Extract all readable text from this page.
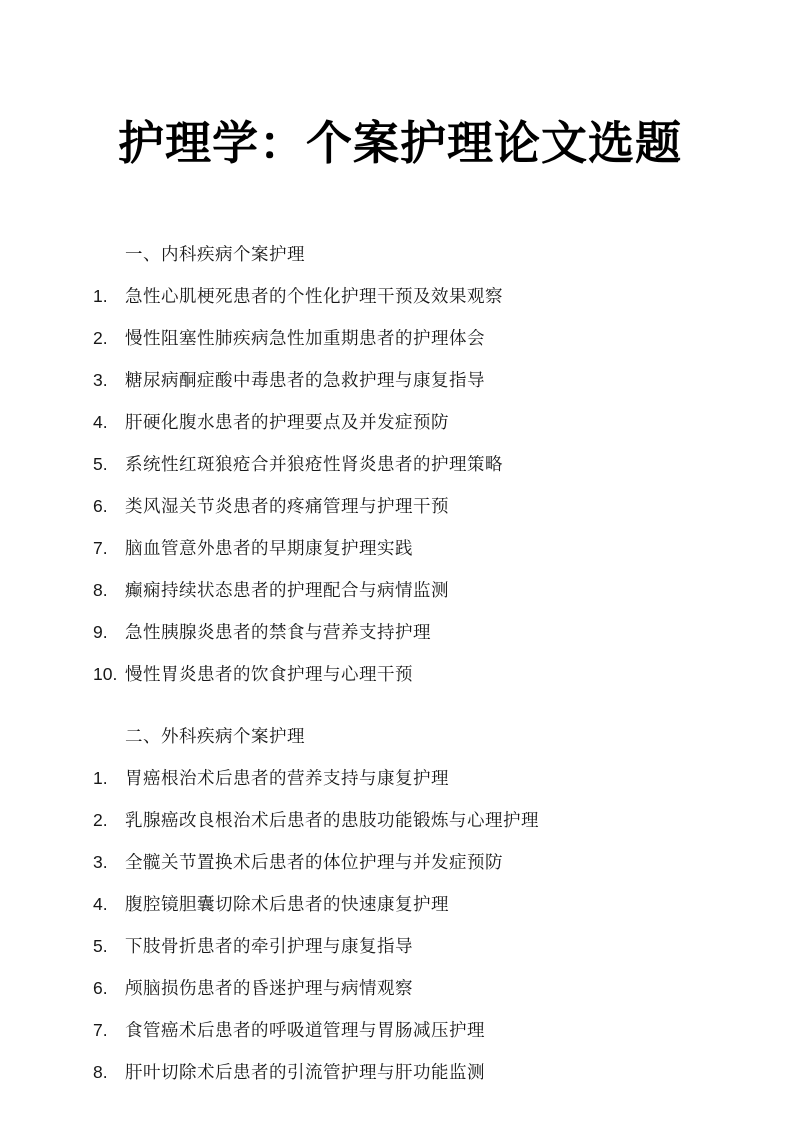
护理学：个案护理论文选题
一、内科疾病个案护理
1. 急性心肌梗死患者的个性化护理干预及效果观察
2. 慢性阻塞性肺疾病急性加重期患者的护理体会
3. 糖尿病酮症酸中毒患者的急救护理与康复指导
4. 肝硬化腹水患者的护理要点及并发症预防
5. 系统性红斑狼疮合并狼疮性肾炎患者的护理策略
6. 类风湿关节炎患者的疼痛管理与护理干预
7. 脑血管意外患者的早期康复护理实践
8. 癫痫持续状态患者的护理配合与病情监测
9. 急性胰腺炎患者的禁食与营养支持护理
10. 慢性胃炎患者的饮食护理与心理干预
二、外科疾病个案护理
1. 胃癌根治术后患者的营养支持与康复护理
2. 乳腺癌改良根治术后患者的患肢功能锻炼与心理护理
3. 全髋关节置换术后患者的体位护理与并发症预防
4. 腹腔镜胆囊切除术后患者的快速康复护理
5. 下肢骨折患者的牵引护理与康复指导
6. 颅脑损伤患者的昏迷护理与病情观察
7. 食管癌术后患者的呼吸道管理与胃肠减压护理
8. 肝叶切除术后患者的引流管护理与肝功能监测
